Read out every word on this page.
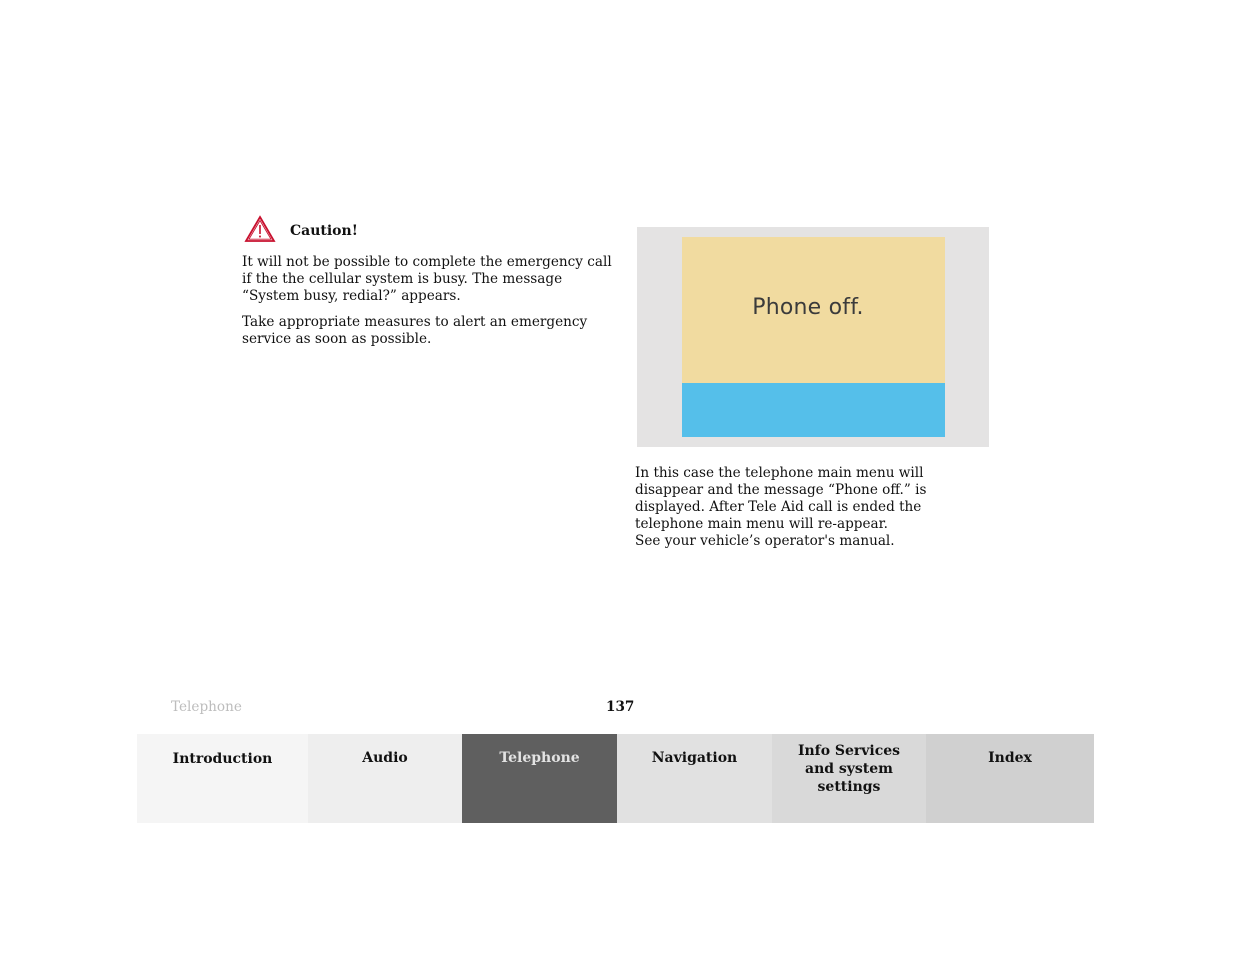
Caution!

It will not be possible to complete the emergency call if the the cellular system is busy. The message “System busy, redial?” appears.

Take appropriate measures to alert an emergency service as soon as possible.

Phone off.

In this case the telephone main menu will disappear and the message “Phone off.” is displayed. After Tele Aid call is ended the telephone main menu will re-appear.

See your vehicle’s operator's manual.

Telephone	137
Introduction	Audio	Telephone	Navigation	Info Services and system settings
Index
